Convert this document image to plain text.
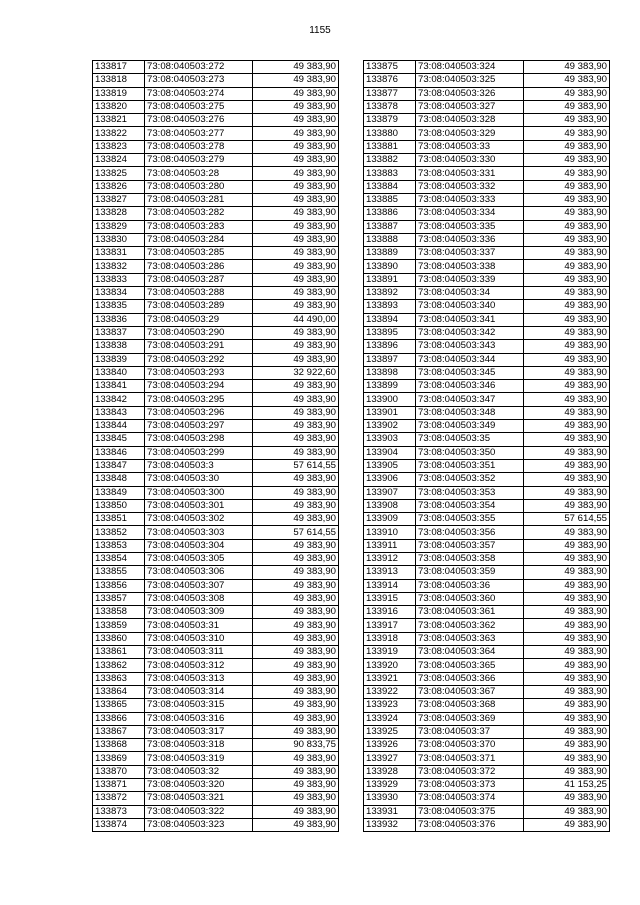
1155
133817	73:08:040503:272	49 383,90
133818	73:08:040503:273	49 383,90
133819	73:08:040503:274	49 383,90
133820	73:08:040503:275	49 383,90
133821	73:08:040503:276	49 383,90
133822	73:08:040503:277	49 383,90
133823	73:08:040503:278	49 383,90
133824	73:08:040503:279	49 383,90
133825	73:08:040503:28	49 383,90
133826	73:08:040503:280	49 383,90
133827	73:08:040503:281	49 383,90
133828	73:08:040503:282	49 383,90
133829	73:08:040503:283	49 383,90
133830	73:08:040503:284	49 383,90
133831	73:08:040503:285	49 383,90
133832	73:08:040503:286	49 383,90
133833	73:08:040503:287	49 383,90
133834	73:08:040503:288	49 383,90
133835	73:08:040503:289	49 383,90
133836	73:08:040503:29	44 490,00
133837	73:08:040503:290	49 383,90
133838	73:08:040503:291	49 383,90
133839	73:08:040503:292	49 383,90
133840	73:08:040503:293	32 922,60
133841	73:08:040503:294	49 383,90
133842	73:08:040503:295	49 383,90
133843	73:08:040503:296	49 383,90
133844	73:08:040503:297	49 383,90
133845	73:08:040503:298	49 383,90
133846	73:08:040503:299	49 383,90
133847	73:08:040503:3	57 614,55
133848	73:08:040503:30	49 383,90
133849	73:08:040503:300	49 383,90
133850	73:08:040503:301	49 383,90
133851	73:08:040503:302	49 383,90
133852	73:08:040503:303	57 614,55
133853	73:08:040503:304	49 383,90
133854	73:08:040503:305	49 383,90
133855	73:08:040503:306	49 383,90
133856	73:08:040503:307	49 383,90
133857	73:08:040503:308	49 383,90
133858	73:08:040503:309	49 383,90
133859	73:08:040503:31	49 383,90
133860	73:08:040503:310	49 383,90
133861	73:08:040503:311	49 383,90
133862	73:08:040503:312	49 383,90
133863	73:08:040503:313	49 383,90
133864	73:08:040503:314	49 383,90
133865	73:08:040503:315	49 383,90
133866	73:08:040503:316	49 383,90
133867	73:08:040503:317	49 383,90
133868	73:08:040503:318	90 833,75
133869	73:08:040503:319	49 383,90
133870	73:08:040503:32	49 383,90
133871	73:08:040503:320	49 383,90
133872	73:08:040503:321	49 383,90
133873	73:08:040503:322	49 383,90
133874	73:08:040503:323	49 383,90
133875	73:08:040503:324	49 383,90
133876	73:08:040503:325	49 383,90
133877	73:08:040503:326	49 383,90
133878	73:08:040503:327	49 383,90
133879	73:08:040503:328	49 383,90
133880	73:08:040503:329	49 383,90
133881	73:08:040503:33	49 383,90
133882	73:08:040503:330	49 383,90
133883	73:08:040503:331	49 383,90
133884	73:08:040503:332	49 383,90
133885	73:08:040503:333	49 383,90
133886	73:08:040503:334	49 383,90
133887	73:08:040503:335	49 383,90
133888	73:08:040503:336	49 383,90
133889	73:08:040503:337	49 383,90
133890	73:08:040503:338	49 383,90
133891	73:08:040503:339	49 383,90
133892	73:08:040503:34	49 383,90
133893	73:08:040503:340	49 383,90
133894	73:08:040503:341	49 383,90
133895	73:08:040503:342	49 383,90
133896	73:08:040503:343	49 383,90
133897	73:08:040503:344	49 383,90
133898	73:08:040503:345	49 383,90
133899	73:08:040503:346	49 383,90
133900	73:08:040503:347	49 383,90
133901	73:08:040503:348	49 383,90
133902	73:08:040503:349	49 383,90
133903	73:08:040503:35	49 383,90
133904	73:08:040503:350	49 383,90
133905	73:08:040503:351	49 383,90
133906	73:08:040503:352	49 383,90
133907	73:08:040503:353	49 383,90
133908	73:08:040503:354	49 383,90
133909	73:08:040503:355	57 614,55
133910	73:08:040503:356	49 383,90
133911	73:08:040503:357	49 383,90
133912	73:08:040503:358	49 383,90
133913	73:08:040503:359	49 383,90
133914	73:08:040503:36	49 383,90
133915	73:08:040503:360	49 383,90
133916	73:08:040503:361	49 383,90
133917	73:08:040503:362	49 383,90
133918	73:08:040503:363	49 383,90
133919	73:08:040503:364	49 383,90
133920	73:08:040503:365	49 383,90
133921	73:08:040503:366	49 383,90
133922	73:08:040503:367	49 383,90
133923	73:08:040503:368	49 383,90
133924	73:08:040503:369	49 383,90
133925	73:08:040503:37	49 383,90
133926	73:08:040503:370	49 383,90
133927	73:08:040503:371	49 383,90
133928	73:08:040503:372	49 383,90
133929	73:08:040503:373	41 153,25
133930	73:08:040503:374	49 383,90
133931	73:08:040503:375	49 383,90
133932	73:08:040503:376	49 383,90
